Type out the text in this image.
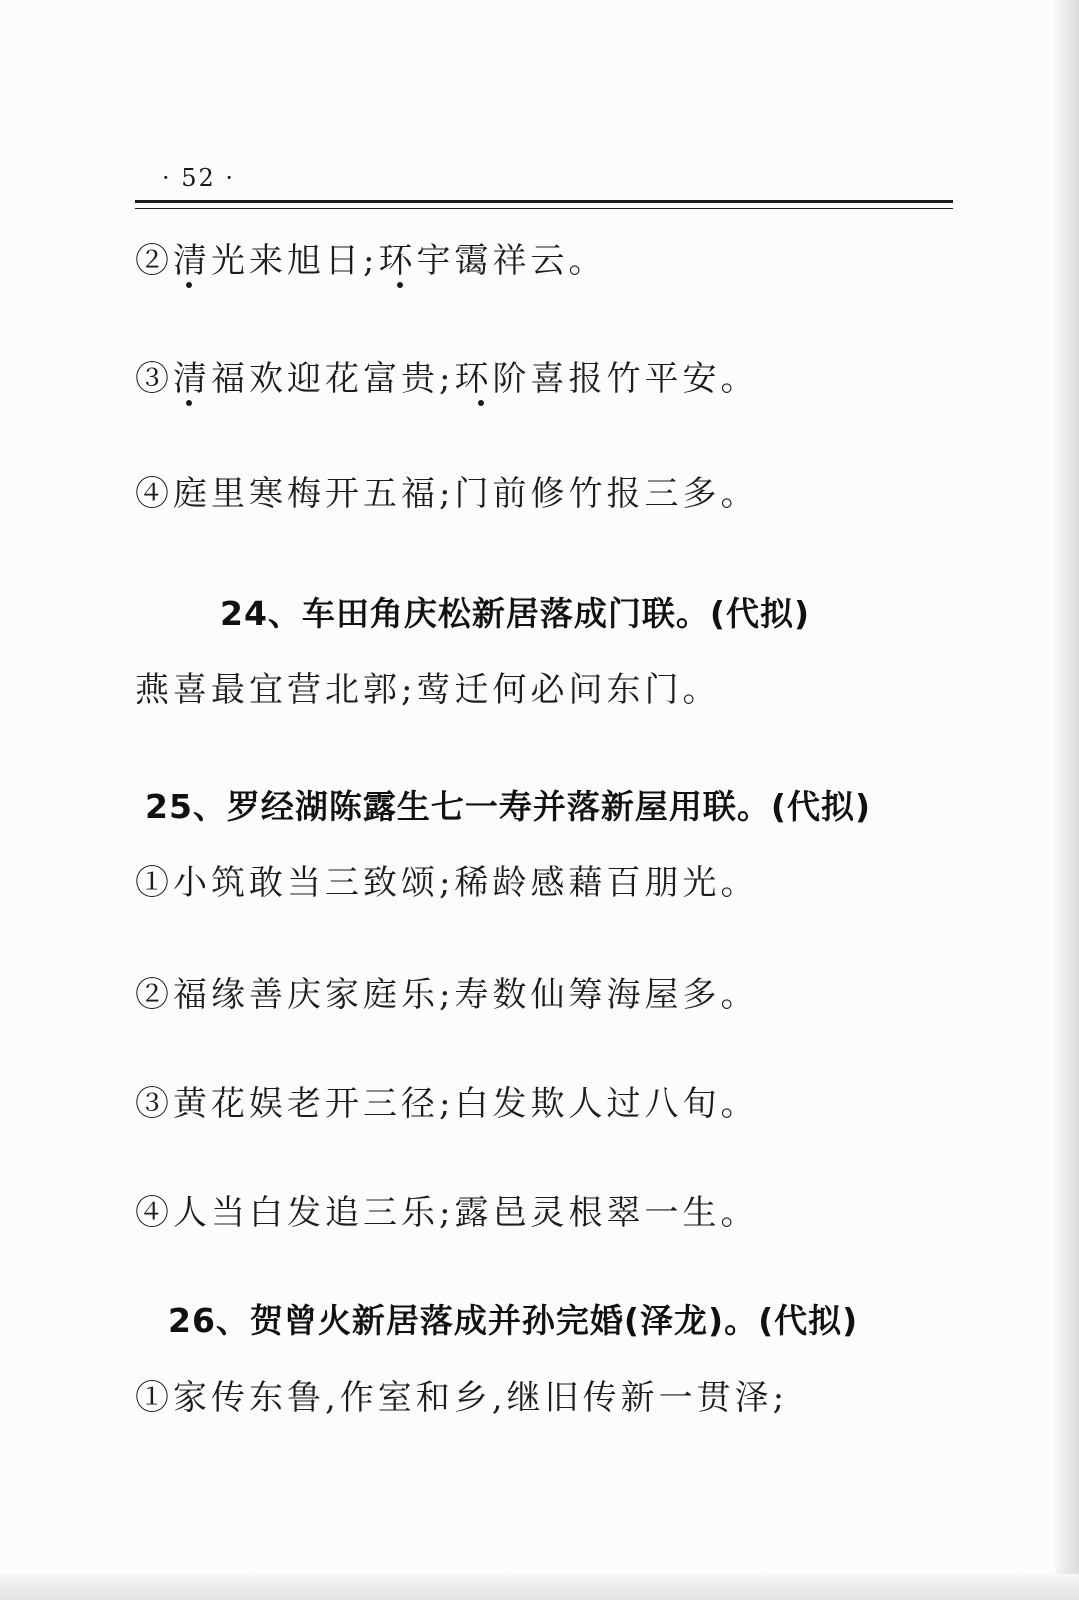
· 52 ·
②清光来旭日;环宇霭祥云。
③清福欢迎花富贵;环阶喜报竹平安。
④庭里寒梅开五福;门前修竹报三多。
24、车田角庆松新居落成门联。(代拟)
燕喜最宜营北郭;莺迁何必问东门。
25、罗经湖陈露生七一寿并落新屋用联。(代拟)
①小筑敢当三致颂;稀龄感藉百朋光。
②福缘善庆家庭乐;寿数仙筹海屋多。
③黄花娱老开三径;白发欺人过八旬。
④人当白发追三乐;露邑灵根翠一生。
26、贺曾火新居落成并孙完婚(泽龙)。(代拟)
①家传东鲁,作室和乡,继旧传新一贯泽;
